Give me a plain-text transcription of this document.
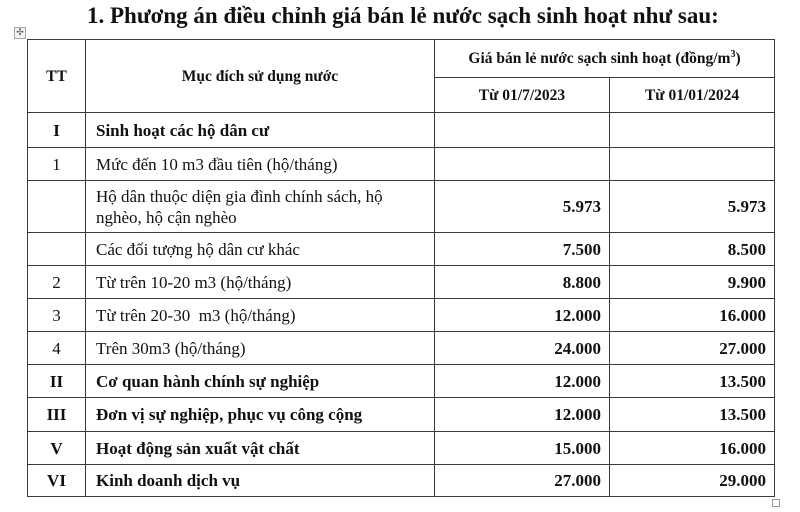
1. Phương án điều chỉnh giá bán lẻ nước sạch sinh hoạt như sau:
✣
TT	Mục đích sử dụng nước	Giá bán lẻ nước sạch sinh hoạt $(đồng/m^3)$	
		Từ 01/7/2023	Từ 01/01/2024
I	Sinh hoạt các hộ dân cư		
1	Mức đến 10 m3 đầu tiên (hộ/tháng)		
	Hộ dân thuộc diện gia đình chính sách, hộ nghèo, hộ cận nghèo	5.973	5.973
	Các đối tượng hộ dân cư khác	7.500	8.500
2	Từ trên 10-20 m3 (hộ/tháng)	8.800	9.900
3	Từ trên 20-30  m3 (hộ/tháng)	12.000	16.000
4	Trên 30m3 (hộ/tháng)	24.000	27.000
II	Cơ quan hành chính sự nghiệp	12.000	13.500
III	Đơn vị sự nghiệp, phục vụ công cộng	12.000	13.500
V	Hoạt động sản xuất vật chất	15.000	16.000
VI	Kinh doanh dịch vụ	27.000	29.000
